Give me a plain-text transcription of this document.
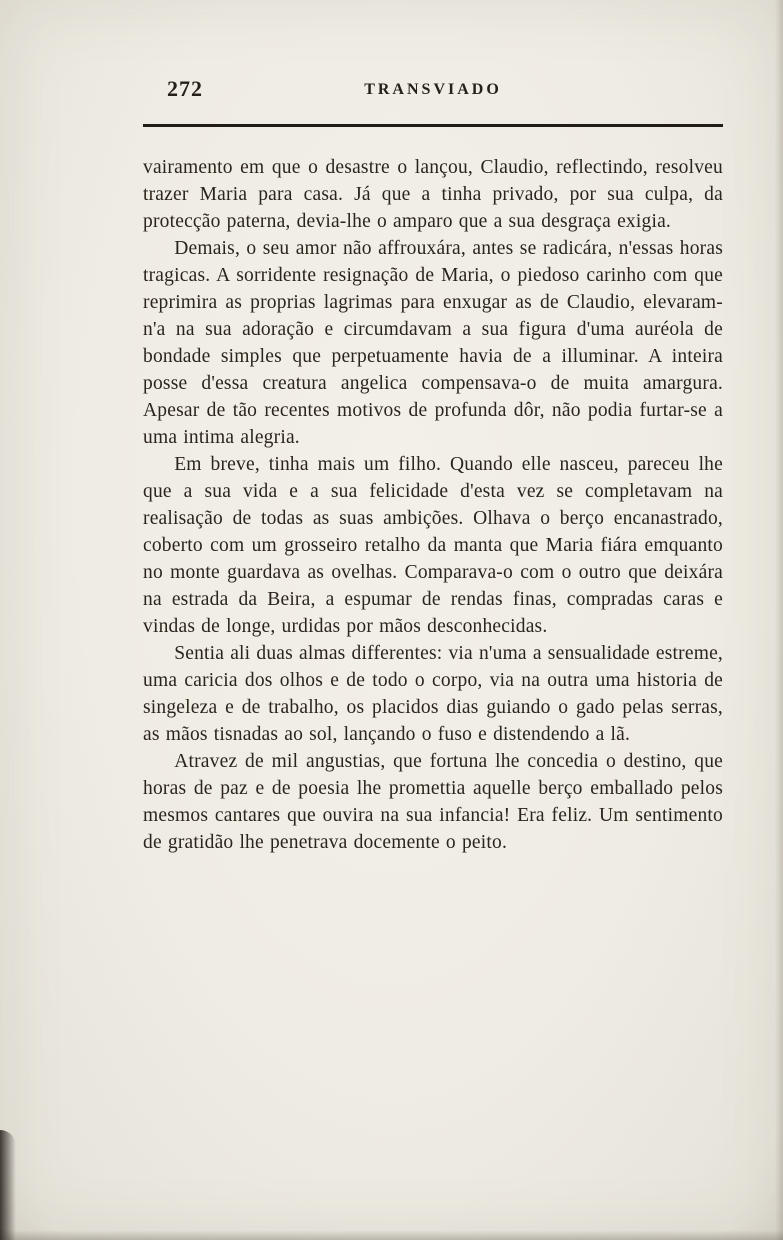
272	TRANSVIADO

vairamento em que o desastre o lançou, Claudio, reflectindo, resolveu trazer Maria para casa. Já que a tinha privado, por sua culpa, da protecção paterna, devia-lhe o amparo que a sua desgraça exigia.

Demais, o seu amor não affrouxára, antes se radicára, n'essas horas tragicas. A sorridente resignação de Maria, o piedoso carinho com que reprimira as proprias lagrimas para enxugar as de Claudio, elevaram-n'a na sua adoração e circumdavam a sua figura d'uma auréola de bondade simples que perpetuamente havia de a illuminar. A inteira posse d'essa creatura angelica compensava-o de muita amargura. Apesar de tão recentes motivos de profunda dôr, não podia furtar-se a uma intima alegria.

Em breve, tinha mais um filho. Quando elle nasceu, pareceu lhe que a sua vida e a sua felicidade d'esta vez se completavam na realisação de todas as suas ambições. Olhava o berço encanastrado, coberto com um grosseiro retalho da manta que Maria fiára emquanto no monte guardava as ovelhas. Comparava-o com o outro que deixára na estrada da Beira, a espumar de rendas finas, compradas caras e vindas de longe, urdidas por mãos desconhecidas.

Sentia ali duas almas differentes: via n'uma a sensualidade estreme, uma caricia dos olhos e de todo o corpo, via na outra uma historia de singeleza e de trabalho, os placidos dias guiando o gado pelas serras, as mãos tisnadas ao sol, lançando o fuso e distendendo a lã.

Atravez de mil angustias, que fortuna lhe concedia o destino, que horas de paz e de poesia lhe promettia aquelle berço emballado pelos mesmos cantares que ouvira na sua infancia! Era feliz. Um sentimento de gratidão lhe penetrava docemente o peito.
